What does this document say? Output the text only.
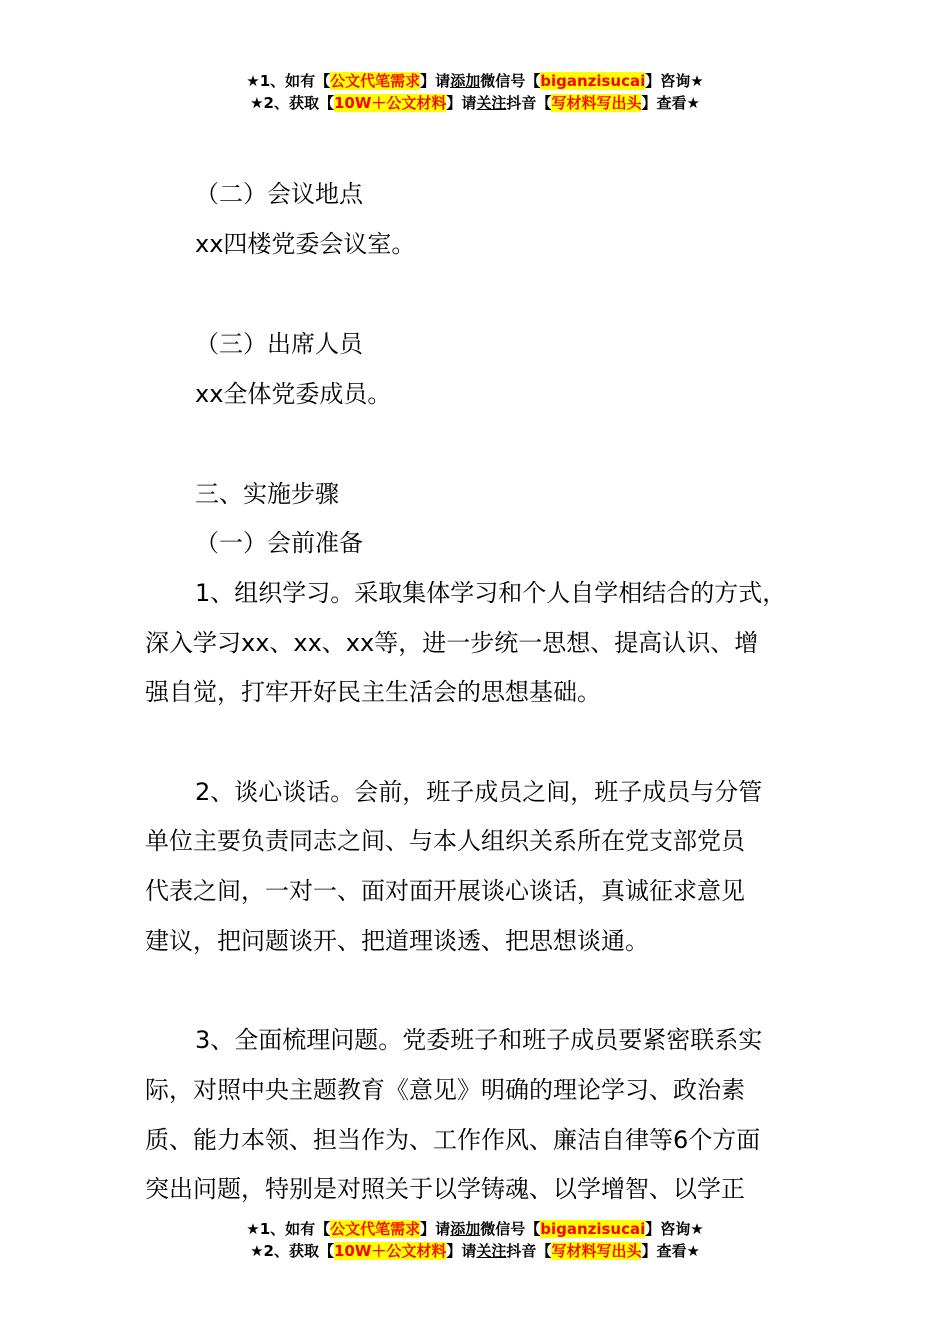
★1、如有【公文代笔需求】请添加微信号【biganzisucai】咨询★
★2、获取【10W＋公文材料】请关注抖音【写材料写出头】查看★
（二）会议地点
xx四楼党委会议室。
（三）出席人员
xx全体党委成员。
三、实施步骤
（一）会前准备
1、组织学习。采取集体学习和个人自学相结合的方式，
深入学习xx、xx、xx等，进一步统一思想、提高认识、增
强自觉，打牢开好民主生活会的思想基础。
2、谈心谈话。会前，班子成员之间，班子成员与分管
单位主要负责同志之间、与本人组织关系所在党支部党员
代表之间，一对一、面对面开展谈心谈话，真诚征求意见
建议，把问题谈开、把道理谈透、把思想谈通。
3、全面梳理问题。党委班子和班子成员要紧密联系实
际，对照中央主题教育《意见》明确的理论学习、政治素
质、能力本领、担当作为、工作作风、廉洁自律等6个方面
突出问题，特别是对照关于以学铸魂、以学增智、以学正
★1、如有【公文代笔需求】请添加微信号【biganzisucai】咨询★
★2、获取【10W＋公文材料】请关注抖音【写材料写出头】查看★
